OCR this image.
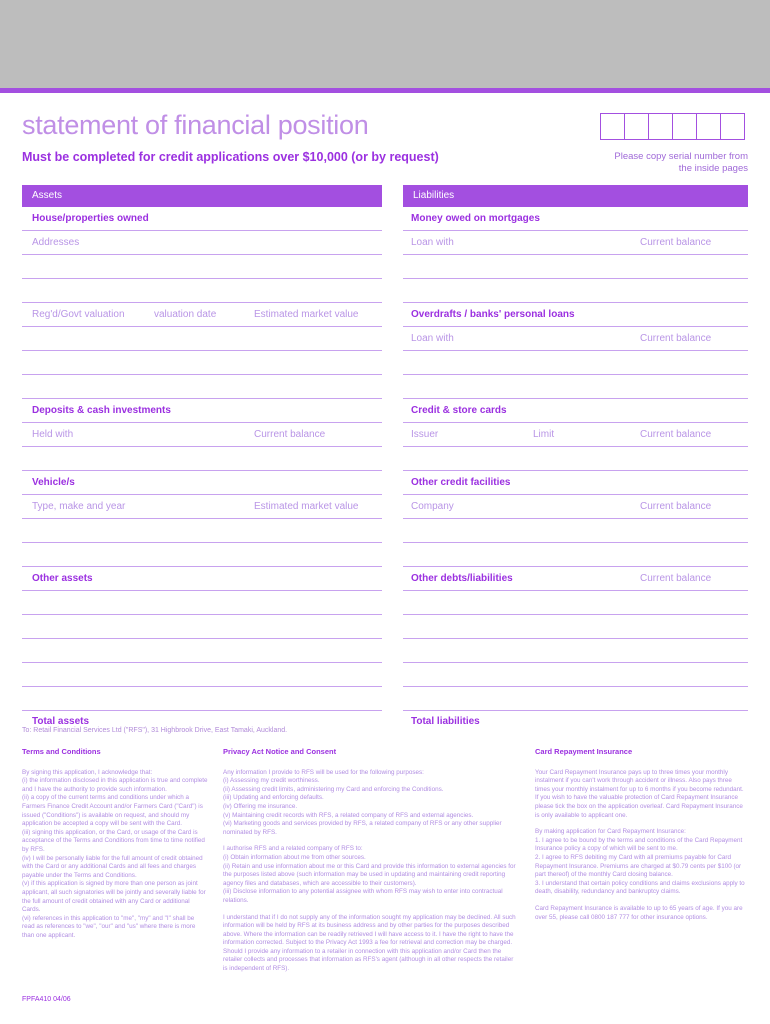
statement of financial position
Must be completed for credit applications over $10,000 (or by request)	Please copy serial number from the inside pages
Assets
House/properties owned
Addresses
Reg'd/Govt valuation	valuation date	Estimated market value
Deposits & cash investments
Held with	Current balance
Vehicle/s
Type, make and year	Estimated market value
Other assets
Total assets
Liabilities
Money owed on mortgages
Loan with	Current balance
Overdrafts / banks' personal loans
Loan with	Current balance
Credit & store cards
Issuer	Limit	Current balance
Other credit facilities
Company	Current balance
Other debts/liabilities	Current balance
Total liabilities
To: Retail Financial Services Ltd ("RFS"), 31 Highbrook Drive, East Tamaki, Auckland.
Terms and Conditions

By signing this application, I acknowledge that:

(i) the information disclosed in this application is true and complete and I have the authority to provide such information.

(ii) a copy of the current terms and conditions under which a Farmers Finance Credit Account and/or Farmers Card ("Card") is issued ("Conditions") is available on request, and should my application be accepted a copy will be sent with the Card.

(iii) signing this application, or the Card, or usage of the Card is acceptance of the Terms and Conditions from time to time notified by RFS.

(iv) I will be personally liable for the full amount of credit obtained with the Card or any additional Cards and all fees and charges payable under the Terms and Conditions.

(v) if this application is signed by more than one person as joint applicant, all such signatories will be jointly and severally liable for the full amount of credit obtained with any Card or additional Cards.

(vi) references in this application to "me", "my" and "I" shall be read as references to "we", "our" and "us" where there is more than one applicant.

Privacy Act Notice and Consent

Any information I provide to RFS will be used for the following purposes:

(i) Assessing my credit worthiness.

(ii) Assessing credit limits, administering my Card and enforcing the Conditions.

(iii) Updating and enforcing defaults.

(iv) Offering me insurance.

(v) Maintaining credit records with RFS, a related company of RFS and external agencies.

(vi) Marketing goods and services provided by RFS, a related company of RFS or any other supplier nominated by RFS.

I authorise RFS and a related company of RFS to:

(i) Obtain information about me from other sources.

(ii) Retain and use information about me or this Card and provide this information to external agencies for the purposes listed above (such information may be used in updating and maintaining credit reporting agency files and databases, which are accessible to their customers).

(iii) Disclose information to any potential assignee with whom RFS may wish to enter into contractual relations.

I understand that if I do not supply any of the information sought my application may be declined. All such information will be held by RFS at its business address and by other parties for the purposes described above. Where the information can be readily retrieved I will have access to it. I have the right to have the information corrected. Subject to the Privacy Act 1993 a fee for retrieval and correction may be charged. Should I provide any information to a retailer in connection with this application and/or Card then the retailer collects and processes that information as RFS's agent (although in all other respects the retailer is independent of RFS).

Card Repayment Insurance

Your Card Repayment Insurance pays up to three times your monthly instalment if you can't work through accident or illness. Also pays three times your monthly instalment for up to 6 months if you become redundant. If you wish to have the valuable protection of Card Repayment Insurance please tick the box on the application overleaf. Card Repayment Insurance is only available to applicant one.

By making application for Card Repayment Insurance:

1. I agree to be bound by the terms and conditions of the Card Repayment Insurance policy a copy of which will be sent to me.

2. I agree to RFS debiting my Card with all premiums payable for Card Repayment Insurance. Premiums are charged at $0.79 cents per $100 (or part thereof) of the monthly Card closing balance.

3. I understand that certain policy conditions and claims exclusions apply to death, disability, redundancy and bankruptcy claims.

Card Repayment Insurance is available to up to 65 years of age. If you are over 55, please call 0800 187 777 for other insurance options.

FPFA410 04/06
